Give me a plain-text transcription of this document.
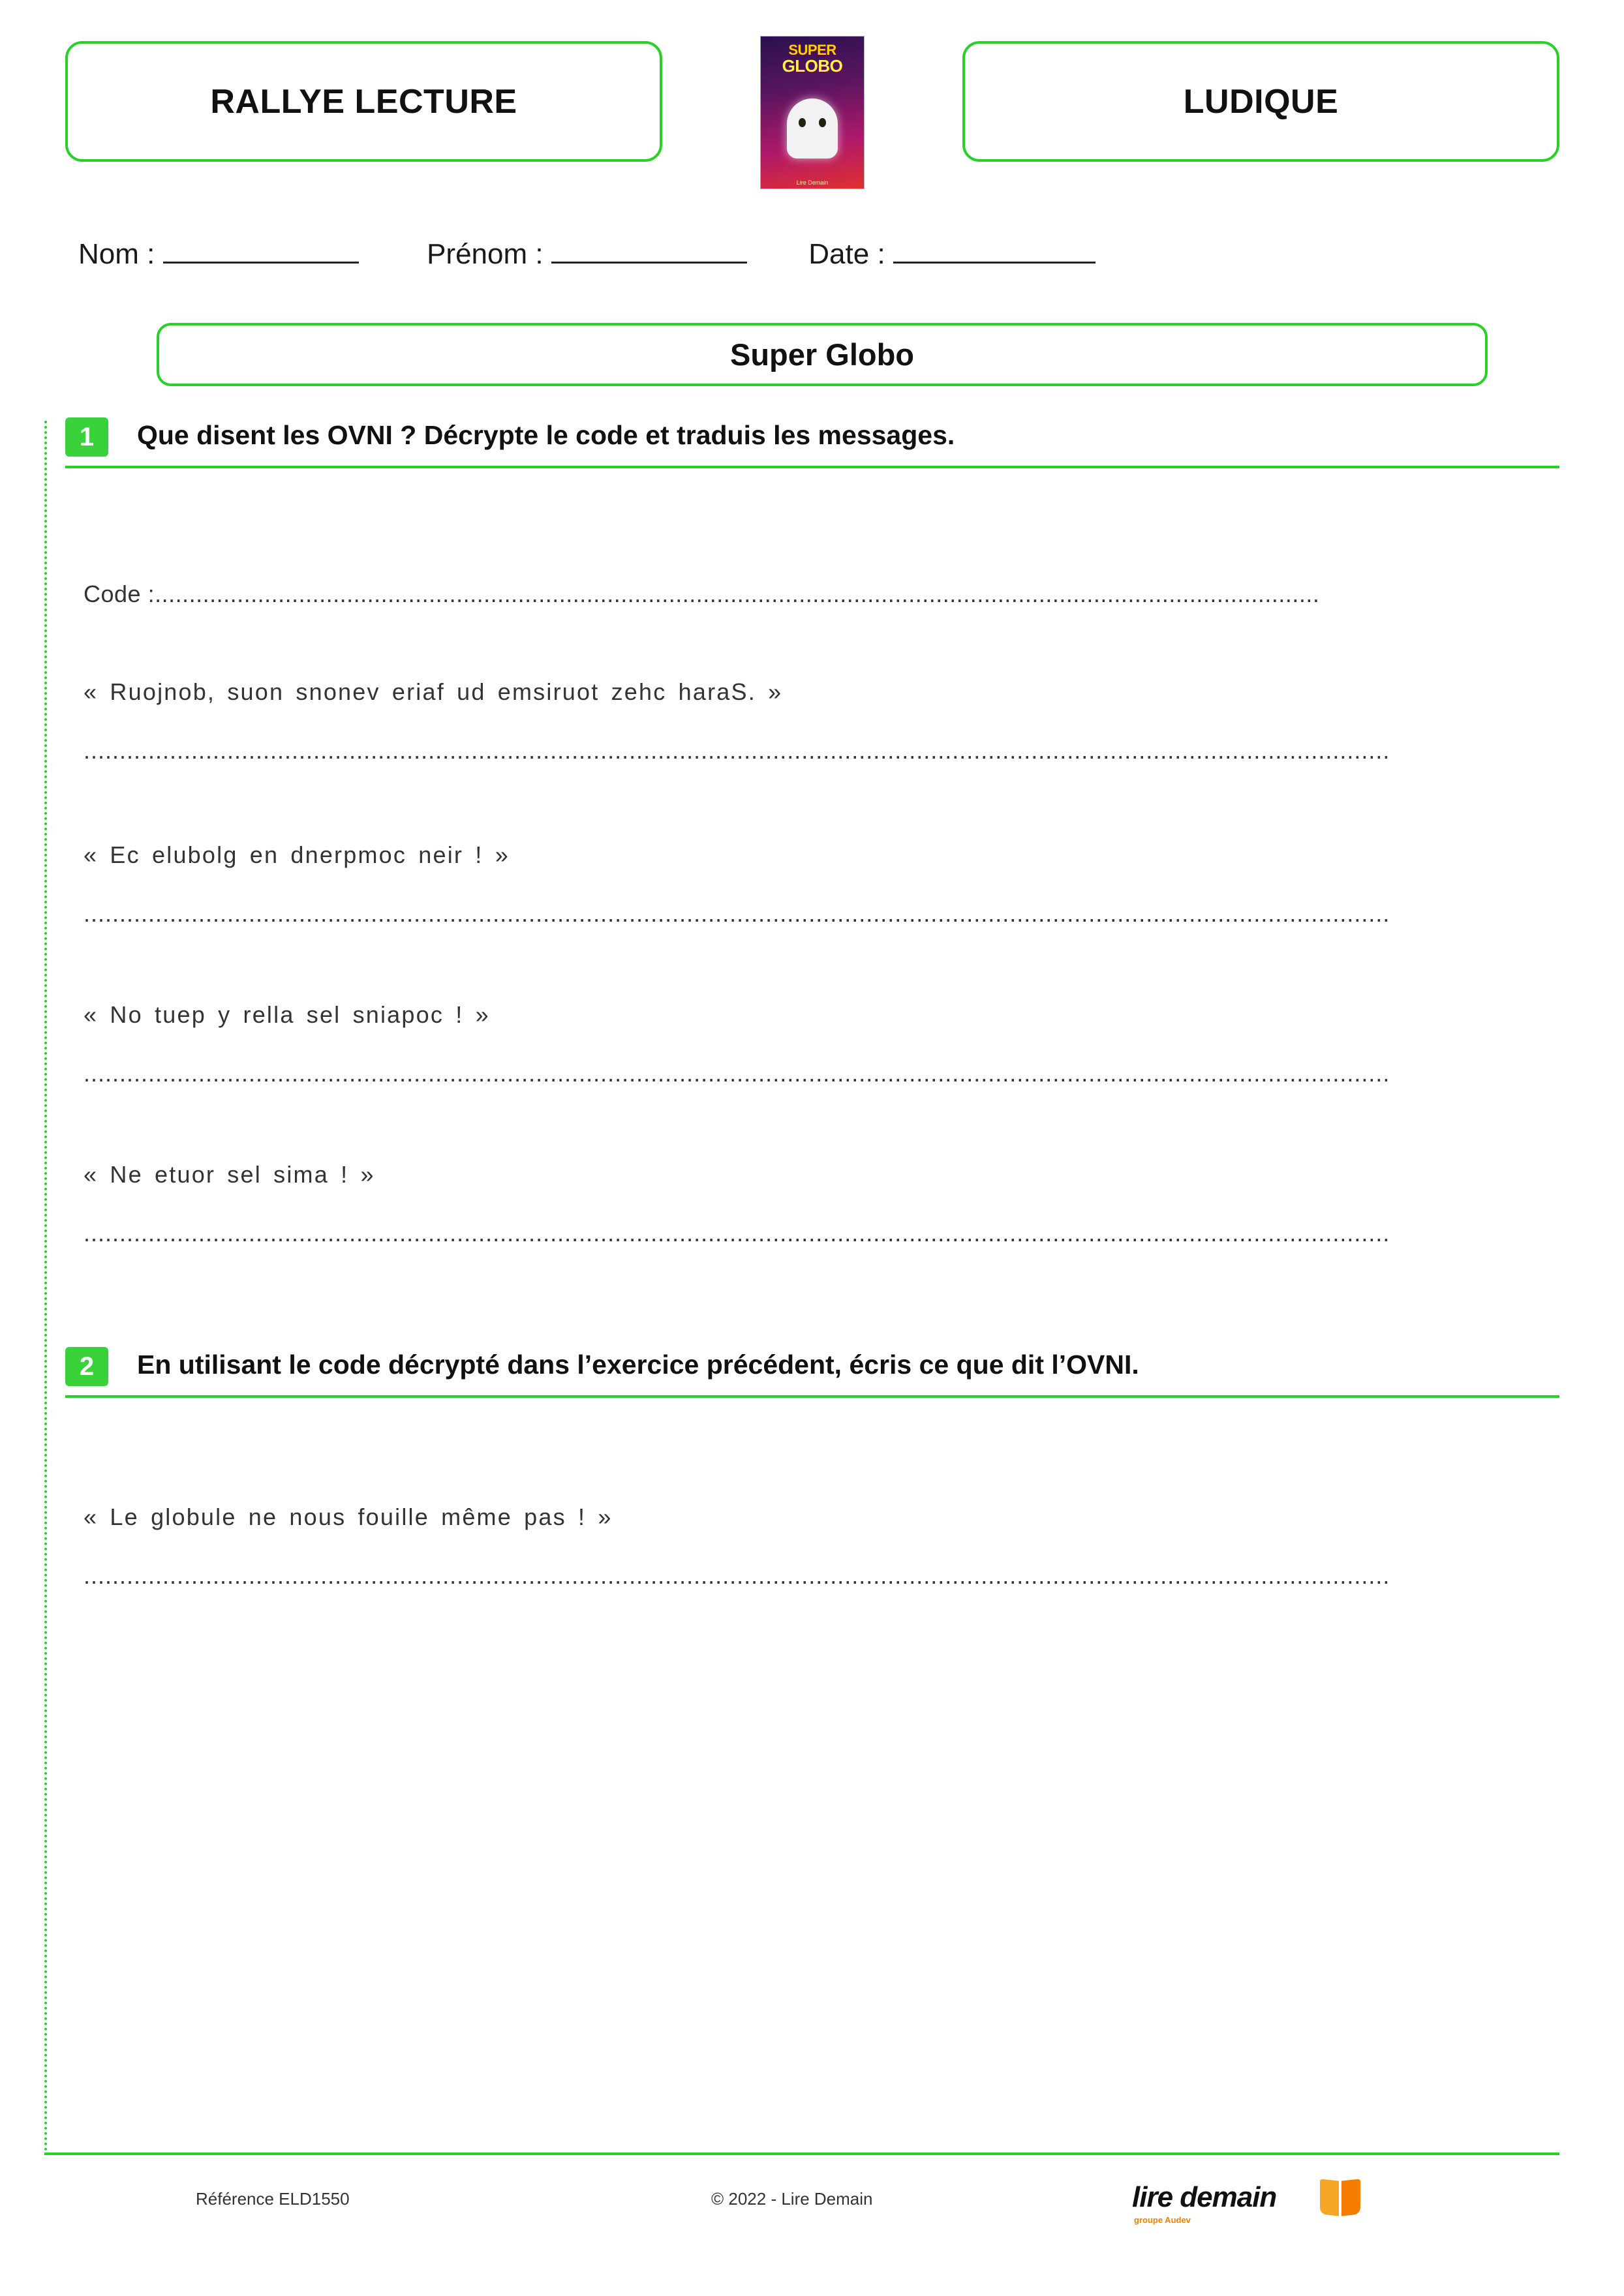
RALLYE LECTURE
SUPER
GLOBO
Lire Demain
LUDIQUE
Nom :	Prénom :	Date :
Super Globo
1	Que disent les OVNI ? Décrypte le code et traduis les messages.
Code :..........................................................................................................................................................................
« Ruojnob, suon snonev eriaf ud emsiruot zehc haraS. »
......................................................................................................................................................................................
« Ec elubolg en dnerpmoc neir ! »
......................................................................................................................................................................................
« No tuep y rella sel sniapoc ! »
......................................................................................................................................................................................
« Ne etuor sel sima ! »
......................................................................................................................................................................................
2	En utilisant le code décrypté dans l’exercice précédent, écris ce que dit l’OVNI.
« Le globule ne nous fouille même pas ! »
......................................................................................................................................................................................
Référence ELD1550	© 2022 - Lire Demain	lire demain
groupe Audev
